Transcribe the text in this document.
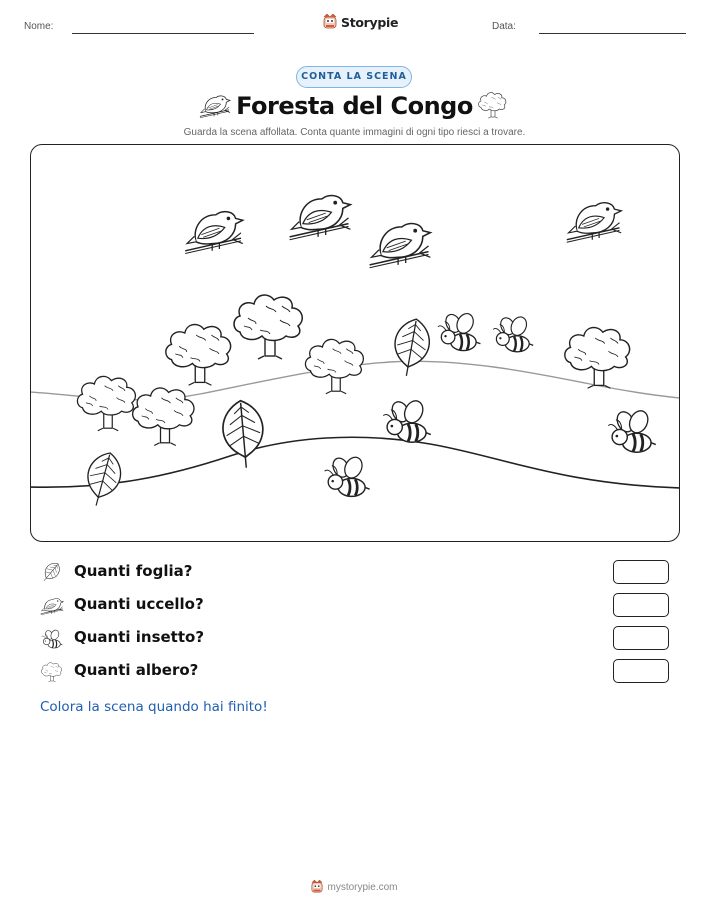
Nome:	Storypie	Data:
CONTA LA SCENA
Foresta del Congo
Guarda la scena affollata. Conta quante immagini di ogni tipo riesci a trovare.
Quanti foglia?
Quanti uccello?
Quanti insetto?
Quanti albero?
Colora la scena quando hai finito!
mystorypie.com
